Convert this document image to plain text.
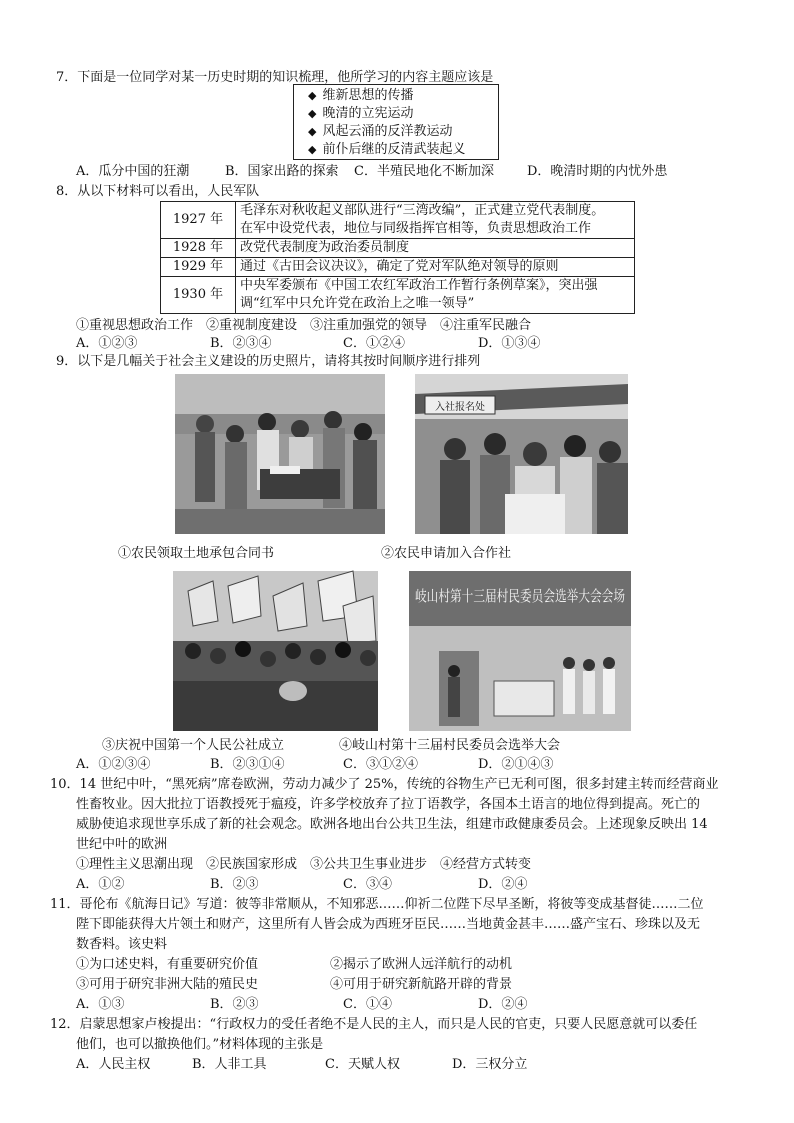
7．下面是一位同学对某一历史时期的知识梳理，他所学习的内容主题应该是
◆ 维新思想的传播
◆ 晚清的立宪运动
◆ 风起云涌的反洋教运动
◆ 前仆后继的反清武装起义
A．瓜分中国的狂潮	B．国家出路的探索 C．半殖民地化不断加深	D．晚清时期的内忧外患
8．从以下材料可以看出，人民军队
1927 年	毛泽东对秋收起义部队进行“三湾改编”，正式建立党代表制度。
在军中设党代表，地位与同级指挥官相等，负责思想政治工作

1928 年	改党代表制度为政治委员制度
1929 年	通过《古田会议决议》，确定了党对军队绝对领导的原则
1930 年	中央军委颁布《中国工农红军政治工作暂行条例草案》，突出强
调“红军中只允许党在政治上之唯一领导”
①重视思想政治工作　②重视制度建设　③注重加强党的领导　④注重军民融合
A．①②③	B．②③④	C．①②④	D．①③④
9．以下是几幅关于社会主义建设的历史照片，请将其按时间顺序进行排列
入社报名处
①农民领取土地承包合同书	②农民申请加入合作社
岐山村第十三届村民委员会选举大会会场
③庆祝中国第一个人民公社成立	④岐山村第十三届村民委员会选举大会
A．①②③④	B．②③①④	C．③①②④	D．②①④③
10．14 世纪中叶，“黑死病”席卷欧洲，劳动力减少了 25%，传统的谷物生产已无利可图，很多封建主转而经营商业
性畜牧业。因大批拉丁语教授死于瘟疫，许多学校放弃了拉丁语教学，各国本土语言的地位得到提高。死亡的
威胁使追求现世享乐成了新的社会观念。欧洲各地出台公共卫生法，组建市政健康委员会。上述现象反映出 14
世纪中叶的欧洲
①理性主义思潮出现　②民族国家形成　③公共卫生事业进步　④经营方式转变
A．①②	B．②③	C．③④	D．②④
11．哥伦布《航海日记》写道：彼等非常顺从，不知邪恶……仰祈二位陛下尽早圣断，将彼等变成基督徒……二位
陛下即能获得大片领土和财产，这里所有人皆会成为西班牙臣民……当地黄金甚丰……盛产宝石、珍珠以及无
数香料。该史料
①为口述史料，有重要研究价值	②揭示了欧洲人远洋航行的动机
③可用于研究非洲大陆的殖民史	④可用于研究新航路开辟的背景
A．①③	B．②③	C．①④	D．②④
12．启蒙思想家卢梭提出：“行政权力的受任者绝不是人民的主人，而只是人民的官吏，只要人民愿意就可以委任
他们，也可以撤换他们。”材料体现的主张是
A．人民主权	B．人非工具	C．天赋人权	D．三权分立
